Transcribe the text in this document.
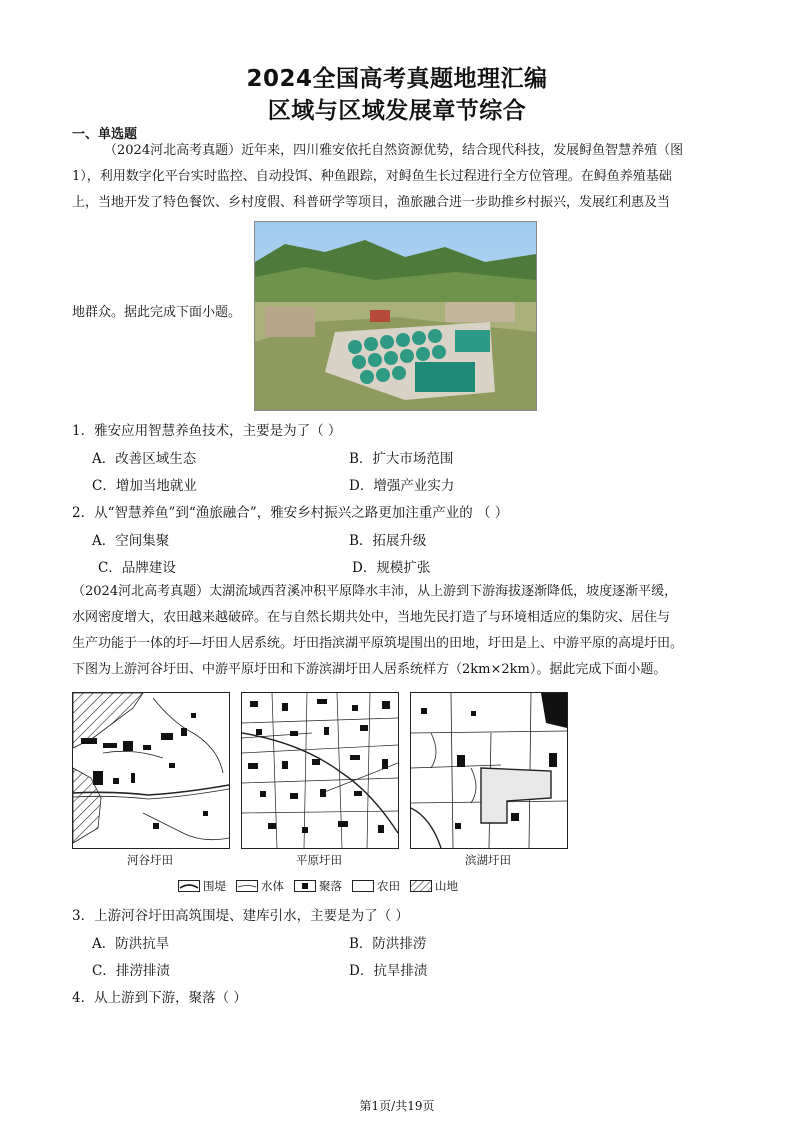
2024全国高考真题地理汇编
区域与区域发展章节综合
一、单选题
（2024河北高考真题）近年来，四川雅安依托自然资源优势，结合现代科技，发展鲟鱼智慧养殖（图
1），利用数字化平台实时监控、自动投饵、种鱼跟踪，对鲟鱼生长过程进行全方位管理。在鲟鱼养殖基础
上，当地开发了特色餐饮、乡村度假、科普研学等项目，渔旅融合进一步助推乡村振兴，发展红利惠及当
地群众。据此完成下面小题。
1．雅安应用智慧养鱼技术，主要是为了（ ）
A．改善区域生态	B．扩大市场范围
C．增加当地就业	D．增强产业实力
2．从“智慧养鱼”到“渔旅融合”，雅安乡村振兴之路更加注重产业的 （ ）
A．空间集聚	B．拓展升级
C．品牌建设	D．规模扩张
（2024河北高考真题）太湖流域西苕溪冲积平原降水丰沛，从上游到下游海拔逐渐降低，坡度逐渐平缓，
水网密度增大，农田越来越破碎。在与自然长期共处中，当地先民打造了与环境相适应的集防灾、居住与
生产功能于一体的圩—圩田人居系统。圩田指滨湖平原筑堤围出的田地，圩田是上、中游平原的高堤圩田。
下图为上游河谷圩田、中游平原圩田和下游滨湖圩田人居系统样方（2km×2km）。据此完成下面小题。
河谷圩田	平原圩田	滨湖圩田
围堤	水体	聚落	农田	山地
3．上游河谷圩田高筑围堤、建库引水，主要是为了（ ）
A．防洪抗旱	B．防洪排涝
C．排涝排渍	D．抗旱排渍
4．从上游到下游，聚落（ ）
第1页/共19页
